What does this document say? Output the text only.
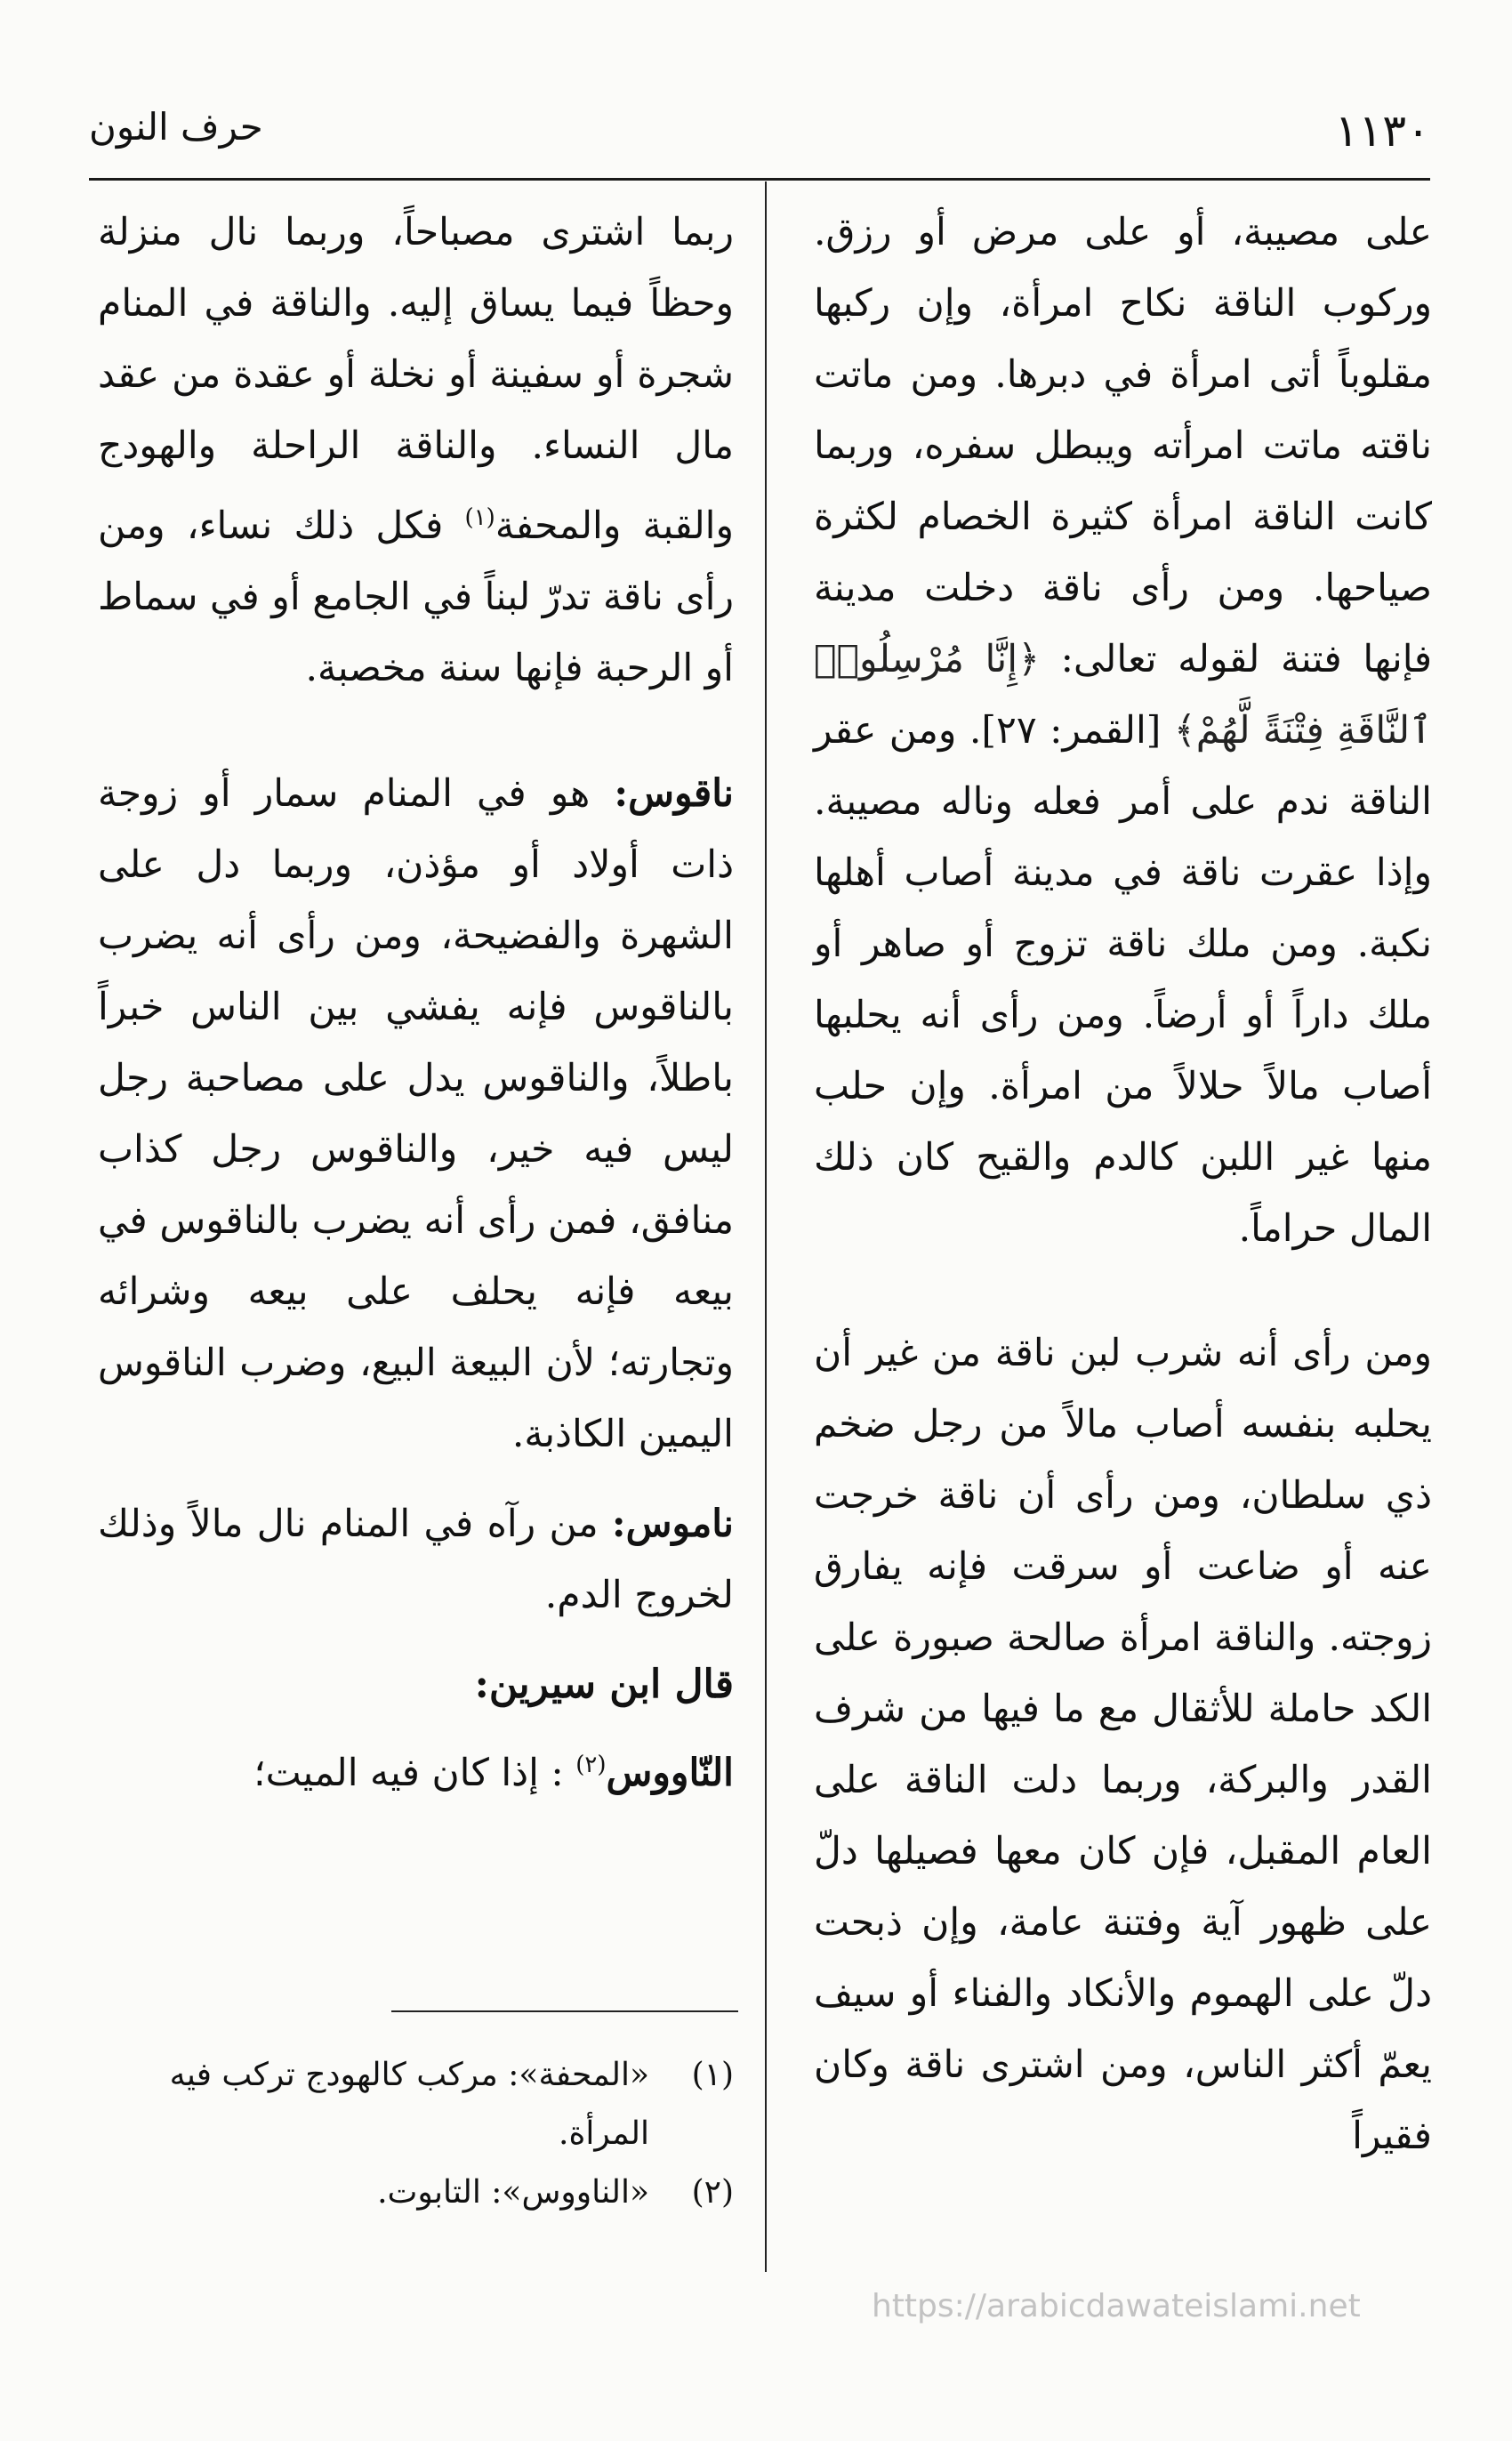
١١٣٠
حرف النون

على مصيبة، أو على مرض أو رزق. وركوب الناقة نكاح امرأة، وإن ركبها مقلوباً أتى امرأة في دبرها. ومن ماتت ناقته ماتت امرأته ويبطل سفره، وربما كانت الناقة امرأة كثيرة الخصام لكثرة صياحها. ومن رأى ناقة دخلت مدينة فإنها فتنة لقوله تعالى: ﴿إِنَّا مُرْسِلُوا۟ ٱلنَّاقَةِ فِتْنَةً لَّهُمْ﴾ [القمر: ٢٧]. ومن عقر الناقة ندم على أمر فعله وناله مصيبة. وإذا عقرت ناقة في مدينة أصاب أهلها نكبة. ومن ملك ناقة تزوج أو صاهر أو ملك داراً أو أرضاً. ومن رأى أنه يحلبها أصاب مالاً حلالاً من امرأة. وإن حلب منها غير اللبن كالدم والقيح كان ذلك المال حراماً.

ومن رأى أنه شرب لبن ناقة من غير أن يحلبه بنفسه أصاب مالاً من رجل ضخم ذي سلطان، ومن رأى أن ناقة خرجت عنه أو ضاعت أو سرقت فإنه يفارق زوجته. والناقة امرأة صالحة صبورة على الكد حاملة للأثقال مع ما فيها من شرف القدر والبركة، وربما دلت الناقة على العام المقبل، فإن كان معها فصيلها دلّ على ظهور آية وفتنة عامة، وإن ذبحت دلّ على الهموم والأنكاد والفناء أو سيف يعمّ أكثر الناس، ومن اشترى ناقة وكان فقيراً

ربما اشترى مصباحاً، وربما نال منزلة وحظاً فيما يساق إليه. والناقة في المنام شجرة أو سفينة أو نخلة أو عقدة من عقد مال النساء. والناقة الراحلة والهودج والقبة والمحفة$^{(١)}$ فكل ذلك نساء، ومن رأى ناقة تدرّ لبناً في الجامع أو في سماط أو الرحبة فإنها سنة مخصبة.

ناقوس: هو في المنام سمار أو زوجة ذات أولاد أو مؤذن، وربما دل على الشهرة والفضيحة، ومن رأى أنه يضرب بالناقوس فإنه يفشي بين الناس خبراً باطلاً، والناقوس يدل على مصاحبة رجل ليس فيه خير، والناقوس رجل كذاب منافق، فمن رأى أنه يضرب بالناقوس في بيعه فإنه يحلف على بيعه وشرائه وتجارته؛ لأن البيعة البيع، وضرب الناقوس اليمين الكاذبة.

ناموس: من رآه في المنام نال مالاً وذلك لخروج الدم.

قال ابن سيرين:

النّاووس$^{(٢)}$ : إذا كان فيه الميت؛

(١)
«المحفة»: مركب كالهودج تركب فيه المرأة.
(٢)
«الناووس»: التابوت.
https://arabicdawateislami.net
